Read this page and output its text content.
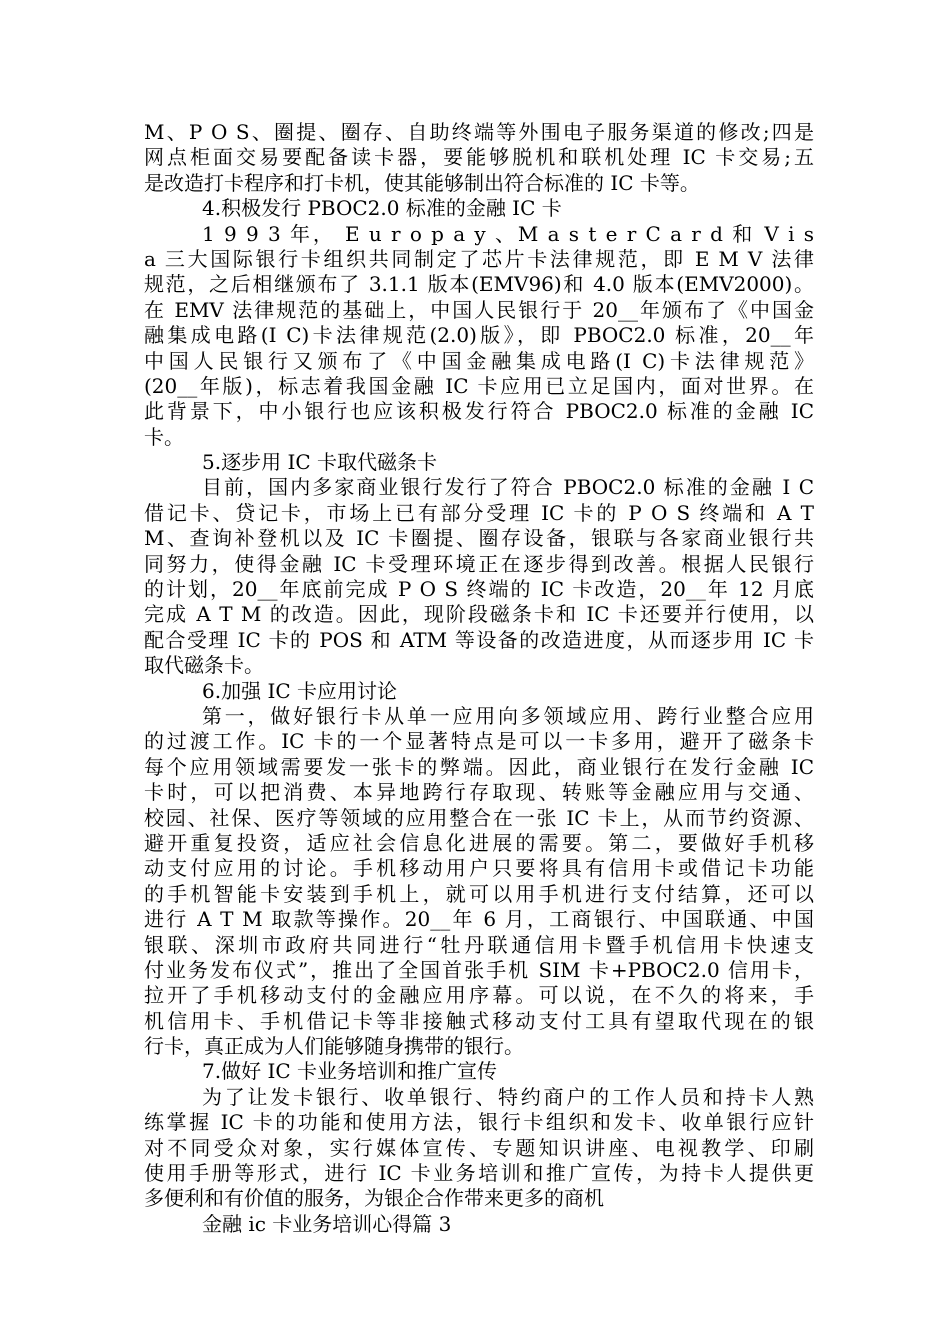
M、P O S、圈提、圈存、自助终端等外围电子服务渠道的修改;四是
网点柜面交易要配备读卡器，要能够脱机和联机处理 IC 卡交易;五
是改造打卡程序和打卡机，使其能够制出符合标准的 IC 卡等。
4.积极发行 PBOC2.0 标准的金融 IC 卡
1 9 9 3 年， E u r o p a y 、M a s t e r C a r d 和 V i s
a 三大国际银行卡组织共同制定了芯片卡法律规范，即 E M V 法律
规范，之后相继颁布了 3.1.1 版本(EMV96)和 4.0 版本(EMV2000)。
在 EMV 法律规范的基础上，中国人民银行于 20__年颁布了《中国金
融集成电路(I C)卡法律规范(2.0)版》，即 PBOC2.0 标准，20__年
中国人民银行又颁布了《中国金融集成电路(I C)卡法律规范》
(20__年版)，标志着我国金融 IC 卡应用已立足国内，面对世界。在
此背景下，中小银行也应该积极发行符合 PBOC2.0 标准的金融 IC
卡。
5.逐步用 IC 卡取代磁条卡
目前，国内多家商业银行发行了符合 PBOC2.0 标准的金融 I C
借记卡、贷记卡，市场上已有部分受理 IC 卡的 P O S 终端和 A T
M、查询补登机以及 IC 卡圈提、圈存设备，银联与各家商业银行共
同努力，使得金融 IC 卡受理环境正在逐步得到改善。根据人民银行
的计划，20__年底前完成 P O S 终端的 IC 卡改造，20__年 12 月底
完成 A T M 的改造。因此，现阶段磁条卡和 IC 卡还要并行使用，以
配合受理 IC 卡的 POS 和 ATM 等设备的改造进度，从而逐步用 IC 卡
取代磁条卡。
6.加强 IC 卡应用讨论
第一，做好银行卡从单一应用向多领域应用、跨行业整合应用
的过渡工作。IC 卡的一个显著特点是可以一卡多用，避开了磁条卡
每个应用领域需要发一张卡的弊端。因此，商业银行在发行金融 IC
卡时，可以把消费、本异地跨行存取现、转账等金融应用与交通、
校园、社保、医疗等领域的应用整合在一张 IC 卡上，从而节约资源、
避开重复投资，适应社会信息化进展的需要。第二，要做好手机移
动支付应用的讨论。手机移动用户只要将具有信用卡或借记卡功能
的手机智能卡安装到手机上，就可以用手机进行支付结算，还可以
进行 A T M 取款等操作。20__年 6 月，工商银行、中国联通、中国
银联、深圳市政府共同进行“牡丹联通信用卡暨手机信用卡快速支
付业务发布仪式”，推出了全国首张手机 SIM 卡+PBOC2.0 信用卡，
拉开了手机移动支付的金融应用序幕。可以说，在不久的将来，手
机信用卡、手机借记卡等非接触式移动支付工具有望取代现在的银
行卡，真正成为人们能够随身携带的银行。
7.做好 IC 卡业务培训和推广宣传
为了让发卡银行、收单银行、特约商户的工作人员和持卡人熟
练掌握 IC 卡的功能和使用方法，银行卡组织和发卡、收单银行应针
对不同受众对象，实行媒体宣传、专题知识讲座、电视教学、印刷
使用手册等形式，进行 IC 卡业务培训和推广宣传，为持卡人提供更
多便利和有价值的服务，为银企合作带来更多的商机
金融 ic 卡业务培训心得篇 3
